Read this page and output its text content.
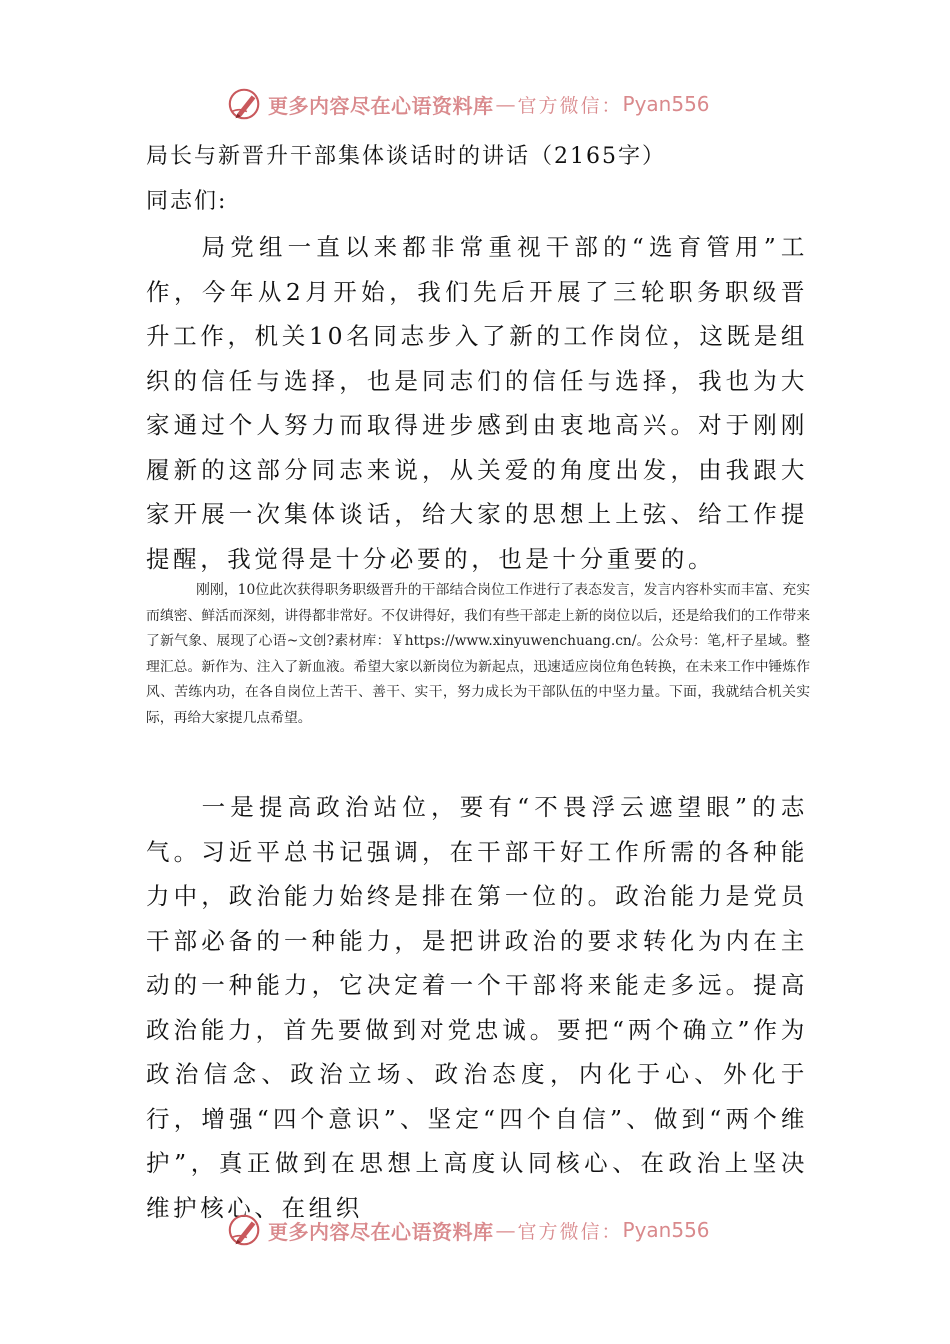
更多内容尽在心语资料库 — 官方微信： Pyan556
局长与新晋升干部集体谈话时的讲话（2165字）
同志们:
局党组一直以来都非常重视干部的“选育管用”工作，今年从2月开始，我们先后开展了三轮职务职级晋升工作，机关10名同志步入了新的工作岗位，这既是组织的信任与选择，也是同志们的信任与选择，我也为大家通过个人努力而取得进步感到由衷地高兴。对于刚刚履新的这部分同志来说，从关爱的角度出发，由我跟大家开展一次集体谈话，给大家的思想上上弦、给工作提提醒，我觉得是十分必要的，也是十分重要的。
刚刚，10位此次获得职务职级晋升的干部结合岗位工作进行了表态发言，发言内容朴实而丰富、充实而缜密、鲜活而深刻，讲得都非常好。不仅讲得好，我们有些干部走上新的岗位以后，还是给我们的工作带来了新气象、展现了心语~文创?素材库：￥https://www.xinyuwenchuang.cn/。公众号：笔,杆子星域。整理汇总。新作为、注入了新血液。希望大家以新岗位为新起点，迅速适应岗位角色转换，在未来工作中锤炼作风、苦练内功，在各自岗位上苦干、善干、实干，努力成长为干部队伍的中坚力量。下面，我就结合机关实际，再给大家提几点希望。
一是提高政治站位，要有“不畏浮云遮望眼”的志气。习近平总书记强调，在干部干好工作所需的各种能力中，政治能力始终是排在第一位的。政治能力是党员干部必备的一种能力，是把讲政治的要求转化为内在主动的一种能力，它决定着一个干部将来能走多远。提高政治能力，首先要做到对党忠诚。要把“两个确立”作为政治信念、政治立场、政治态度，内化于心、外化于行，增强“四个意识”、坚定“四个自信”、做到“两个维护”，真正做到在思想上高度认同核心、在政治上坚决维护核心、在组织
更多内容尽在心语资料库 — 官方微信： Pyan556
